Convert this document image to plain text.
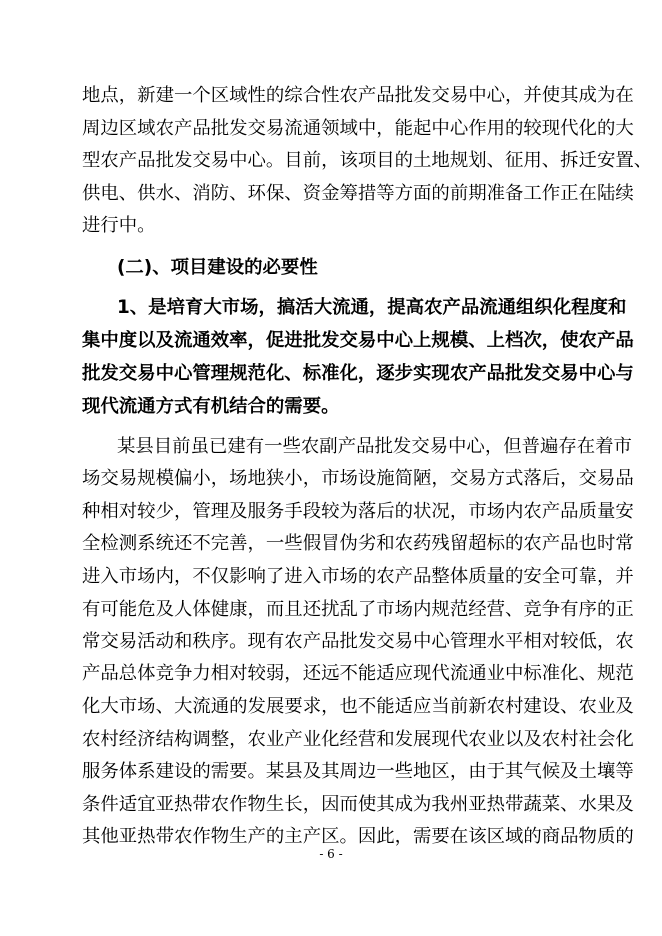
地点，新建一个区域性的综合性农产品批发交易中心，并使其成为在
周边区域农产品批发交易流通领域中，能起中心作用的较现代化的大
型农产品批发交易中心。目前，该项目的土地规划、征用、拆迁安置、
供电、供水、消防、环保、资金筹措等方面的前期准备工作正在陆续
进行中。
(二)、项目建设的必要性
1、是培育大市场，搞活大流通，提高农产品流通组织化程度和
集中度以及流通效率，促进批发交易中心上规模、上档次，使农产品
批发交易中心管理规范化、标准化，逐步实现农产品批发交易中心与
现代流通方式有机结合的需要。
某县目前虽已建有一些农副产品批发交易中心，但普遍存在着市
场交易规模偏小，场地狭小，市场设施简陋，交易方式落后，交易品
种相对较少，管理及服务手段较为落后的状况，市场内农产品质量安
全检测系统还不完善，一些假冒伪劣和农药残留超标的农产品也时常
进入市场内，不仅影响了进入市场的农产品整体质量的安全可靠，并
有可能危及人体健康，而且还扰乱了市场内规范经营、竞争有序的正
常交易活动和秩序。现有农产品批发交易中心管理水平相对较低，农
产品总体竞争力相对较弱，还远不能适应现代流通业中标准化、规范
化大市场、大流通的发展要求，也不能适应当前新农村建设、农业及
农村经济结构调整，农业产业化经营和发展现代农业以及农村社会化
服务体系建设的需要。某县及其周边一些地区，由于其气候及土壤等
条件适宜亚热带农作物生长，因而使其成为我州亚热带蔬菜、水果及
其他亚热带农作物生产的主产区。因此，需要在该区域的商品物质的
- 6 -
